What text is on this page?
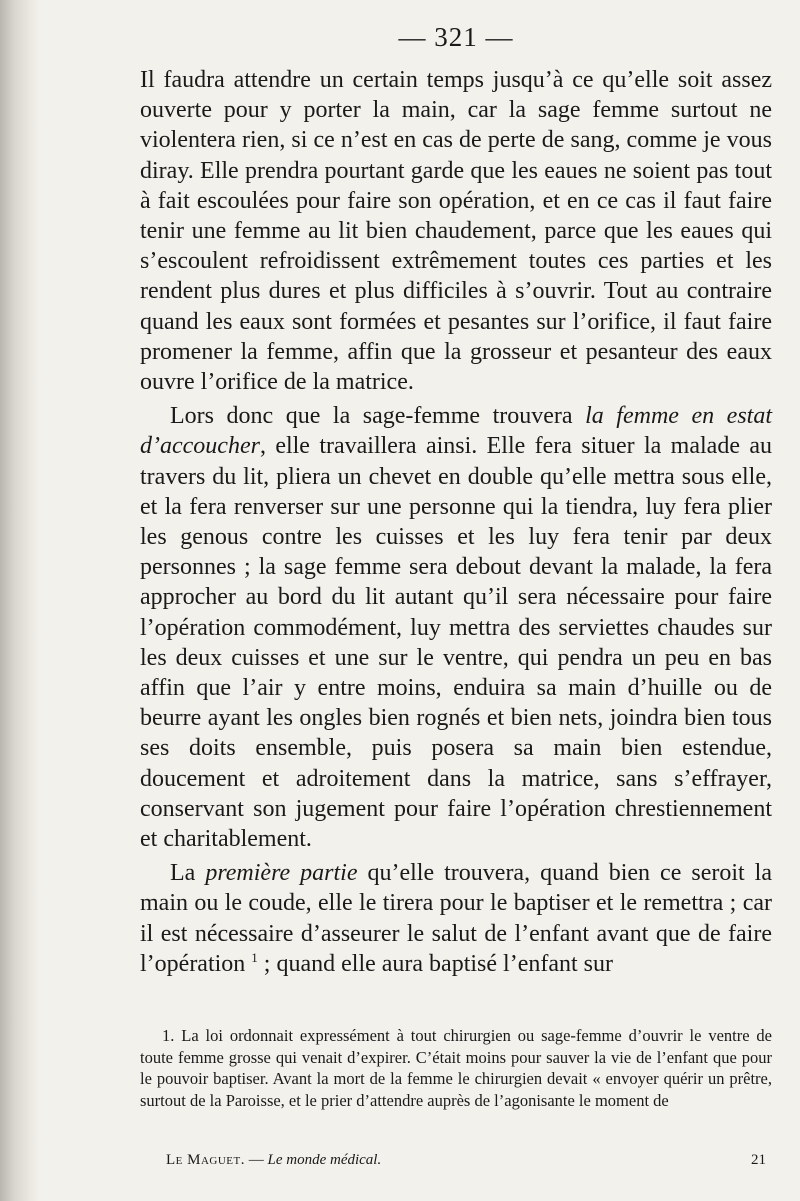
— 321 —

Il faudra attendre un certain temps jusqu’à ce qu’elle soit assez ouverte pour y porter la main, car la sage femme surtout ne violentera rien, si ce n’est en cas de perte de sang, comme je vous diray. Elle prendra pourtant garde que les eaues ne soient pas tout à fait escoulées pour faire son opération, et en ce cas il faut faire tenir une femme au lit bien chaudement, parce que les eaues qui s’escoulent refroidissent extrêmement toutes ces parties et les rendent plus dures et plus difficiles à s’ouvrir. Tout au contraire quand les eaux sont formées et pesantes sur l’orifice, il faut faire promener la femme, affin que la grosseur et pesanteur des eaux ouvre l’orifice de la matrice.

Lors donc que la sage-femme trouvera la femme en estat d’accoucher, elle travaillera ainsi. Elle fera situer la malade au travers du lit, pliera un chevet en double qu’elle mettra sous elle, et la fera renverser sur une personne qui la tiendra, luy fera plier les genous contre les cuisses et les luy fera tenir par deux personnes ; la sage femme sera debout devant la malade, la fera approcher au bord du lit autant qu’il sera nécessaire pour faire l’opération commodément, luy mettra des serviettes chaudes sur les deux cuisses et une sur le ventre, qui pendra un peu en bas affin que l’air y entre moins, enduira sa main d’huille ou de beurre ayant les ongles bien rognés et bien nets, joindra bien tous ses doits ensemble, puis posera sa main bien estendue, doucement et adroitement dans la matrice, sans s’effrayer, conservant son jugement pour faire l’opération chrestiennement et charitablement.

La première partie qu’elle trouvera, quand bien ce seroit la main ou le coude, elle le tirera pour le baptiser et le remettra ; car il est nécessaire d’asseurer le salut de l’enfant avant que de faire l’opération $^1$ ; quand elle aura baptisé l’enfant sur

1. La loi ordonnait expressément à tout chirurgien ou sage-femme d’ouvrir le ventre de toute femme grosse qui venait d’expirer. C’était moins pour sauver la vie de l’enfant que pour le pouvoir baptiser. Avant la mort de la femme le chirurgien devait « envoyer quérir un prêtre, surtout de la Paroisse, et le prier d’attendre auprès de l’agonisante le moment de

Le Maguet. — Le monde médical.	21
